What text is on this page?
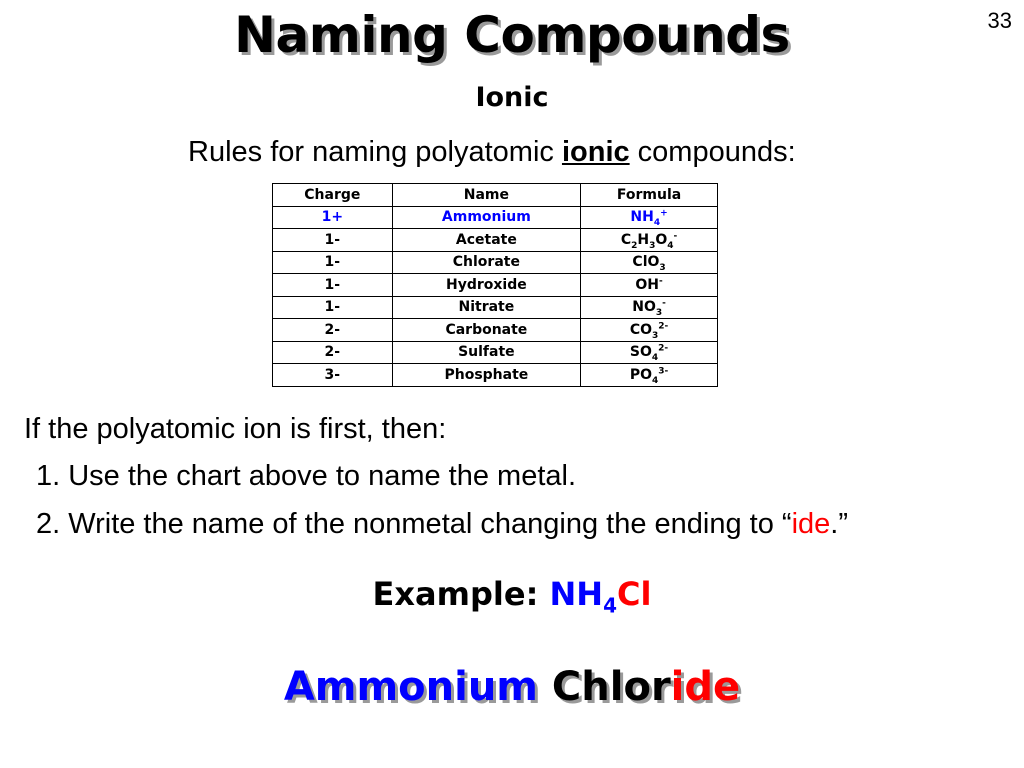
33
Naming Compounds
Ionic
Rules for naming polyatomic ionic compounds:
Charge	Name	Formula
1+	Ammonium	$NH_4^+$
1-	Acetate	$C_2H_3O_4^-$
1-	Chlorate	ClO$_3$
1-	Hydroxide	OH-
1-	Nitrate	$NO_3^-$
2-	Carbonate	$CO_3^{2-}$
2-	Sulfate	$SO_4^{2-}$
3-	Phosphate	$PO_4^{3-}$
If the polyatomic ion is first, then:
1. Use the chart above to name the metal.
2. Write the name of the nonmetal changing the ending to “ide.”
Example: $NH_4Cl$
Ammonium Chloride
